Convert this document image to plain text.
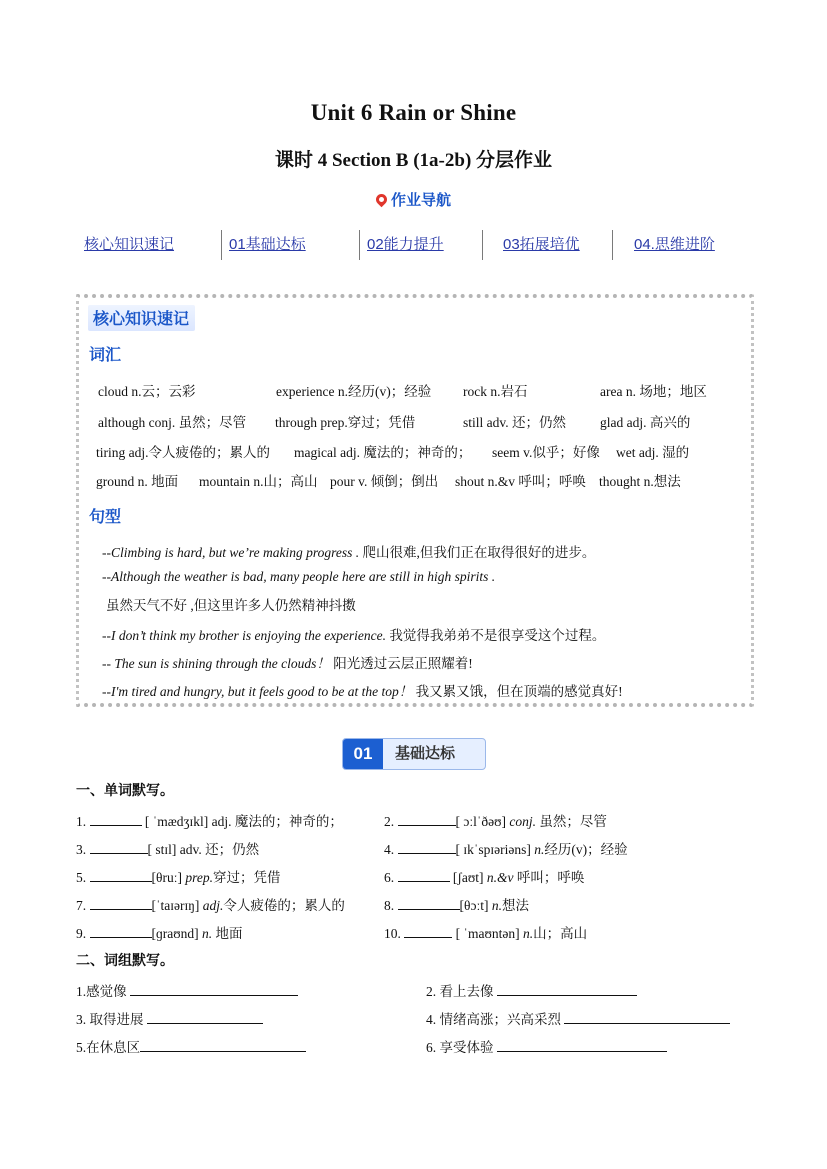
Unit 6 Rain or Shine
课时 4 Section B (1a-2b) 分层作业
作业导航
核心知识速记	01基础达标	02能力提升	03拓展培优	04.思维进阶
核心知识速记
词汇
cloud n.云；云彩	experience n.经历(v)；经验 rock n.岩石	area n. 场地；地区
although conj. 虽然；尽管 through prep.穿过；凭借	still adv. 还；仍然	glad adj. 高兴的
tiring adj.令人疲倦的；累人的 magical adj. 魔法的；神奇的； seem v.似乎；好像 wet adj. 湿的
ground n. 地面 mountain n.山；高山 pour v. 倾倒；倒出 shout n.&v 呼叫；呼唤 thought n.想法
句型
--Climbing is hard, but we’re making progress . 爬山很难,但我们正在取得很好的进步。
--Although the weather is bad, many people here are still in high spirits .
虽然天气不好 ,但这里许多人仍然精神抖擞
--I don’t think my brother is enjoying the experience. 我觉得我弟弟不是很享受这个过程。
-- The sun is shining through the clouds！ 阳光透过云层正照耀着!
--I'm tired and hungry, but it feels good to be at the top！ 我又累又饿，但在顶端的感觉真好!
01	基础达标
一、单词默写。
1.	[ ˈmædʒɪkl] adj. 魔法的；神奇的；	2.	[ ɔːlˈðəʊ] conj. 虽然；尽管
3.	[ stɪl] adv. 还；仍然	4.	[ ɪkˈspɪəriəns] n.经历(v)；经验
5.	[θruː] prep.穿过；凭借	6.	[ʃaʊt] n.&v 呼叫；呼唤
7.	[ˈtaɪərɪŋ] adj.令人疲倦的；累人的	8.	[θɔːt] n.想法
9.	[ɡraʊnd] n. 地面	10.	[ ˈmaʊntən] n.山；高山
二、词组默写。
1.感觉像	2. 看上去像
3. 取得进展	4. 情绪高涨；兴高采烈
5.在休息区	6. 享受体验
